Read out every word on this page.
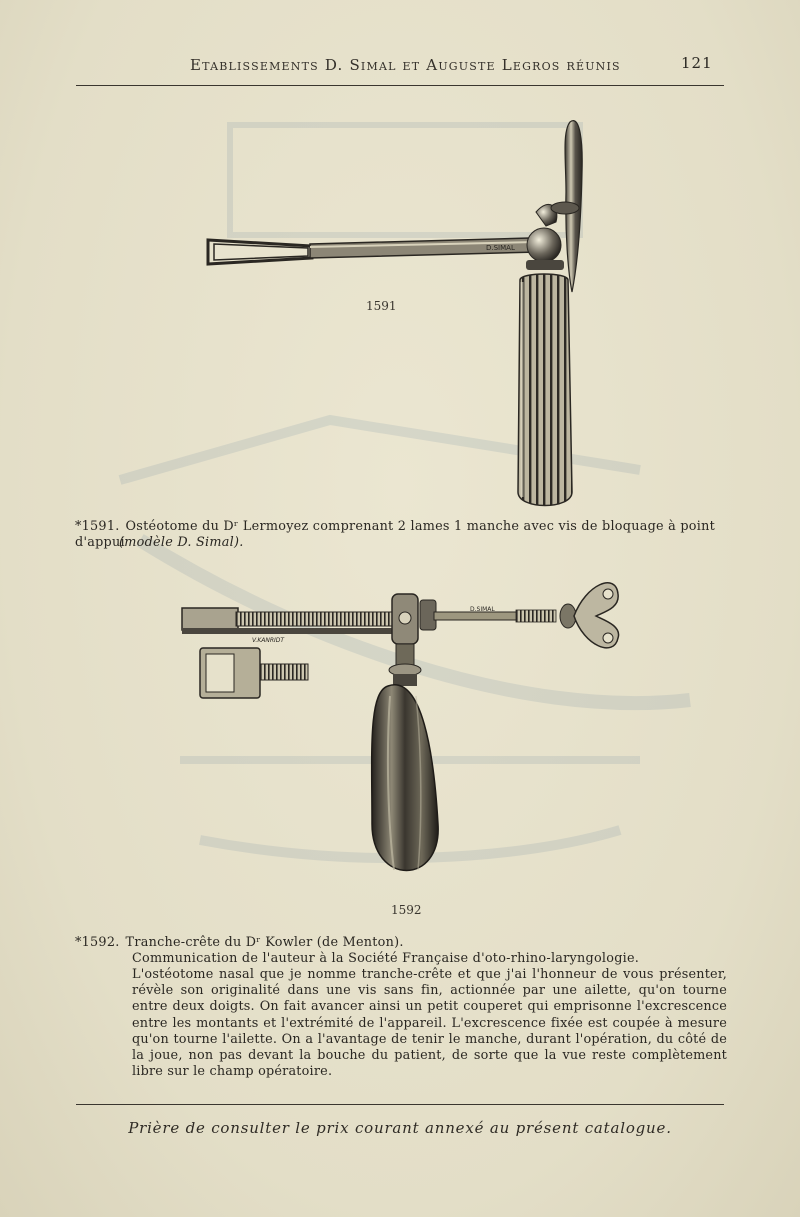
Etablissements D. Simal et Auguste Legros réunis	121
D.SIMAL
1591
*1591. Ostéotome du Dʳ Lermoyez comprenant 2 lames 1 manche avec vis de bloquage à point d'appui
(modèle D. Simal).
V.KANRIDT
D.SIMAL
1592
*1592. Tranche-crête du Dʳ Kowler (de Menton).
Communication de l'auteur à la Société Française d'oto-rhino-laryngologie.
L'ostéotome nasal que je nomme tranche-crête et que j'ai l'honneur de vous présenter, révèle son originalité dans une vis sans fin, actionnée par une ailette, qu'on tourne entre deux doigts. On fait avancer ainsi un petit couperet qui emprisonne l'excrescence entre les montants et l'extrémité de l'appareil. L'excrescence fixée est coupée à mesure qu'on tourne l'ailette. On a l'avantage de tenir le manche, durant l'opération, du côté de la joue, non pas devant la bouche du patient, de sorte que la vue reste complètement libre sur le champ opératoire.
Prière de consulter le prix courant annexé au présent catalogue.
